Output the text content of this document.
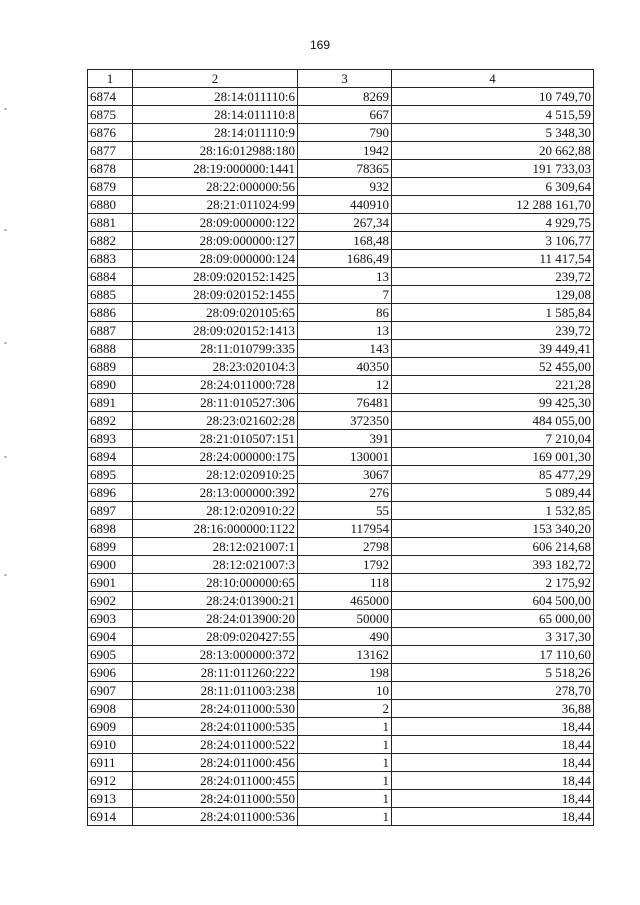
169
1	2	3	4
6874	28:14:011110:6	8269	10 749,70
6875	28:14:011110:8	667	4 515,59
6876	28:14:011110:9	790	5 348,30
6877	28:16:012988:180	1942	20 662,88
6878	28:19:000000:1441	78365	191 733,03
6879	28:22:000000:56	932	6 309,64
6880	28:21:011024:99	440910	12 288 161,70
6881	28:09:000000:122	267,34	4 929,75
6882	28:09:000000:127	168,48	3 106,77
6883	28:09:000000:124	1686,49	11 417,54
6884	28:09:020152:1425	13	239,72
6885	28:09:020152:1455	7	129,08
6886	28:09:020105:65	86	1 585,84
6887	28:09:020152:1413	13	239,72
6888	28:11:010799:335	143	39 449,41
6889	28:23:020104:3	40350	52 455,00
6890	28:24:011000:728	12	221,28
6891	28:11:010527:306	76481	99 425,30
6892	28:23:021602:28	372350	484 055,00
6893	28:21:010507:151	391	7 210,04
6894	28:24:000000:175	130001	169 001,30
6895	28:12:020910:25	3067	85 477,29
6896	28:13:000000:392	276	5 089,44
6897	28:12:020910:22	55	1 532,85
6898	28:16:000000:1122	117954	153 340,20
6899	28:12:021007:1	2798	606 214,68
6900	28:12:021007:3	1792	393 182,72
6901	28:10:000000:65	118	2 175,92
6902	28:24:013900:21	465000	604 500,00
6903	28:24:013900:20	50000	65 000,00
6904	28:09:020427:55	490	3 317,30
6905	28:13:000000:372	13162	17 110,60
6906	28:11:011260:222	198	5 518,26
6907	28:11:011003:238	10	278,70
6908	28:24:011000:530	2	36,88
6909	28:24:011000:535	1	18,44
6910	28:24:011000:522	1	18,44
6911	28:24:011000:456	1	18,44
6912	28:24:011000:455	1	18,44
6913	28:24:011000:550	1	18,44
6914	28:24:011000:536	1	18,44
